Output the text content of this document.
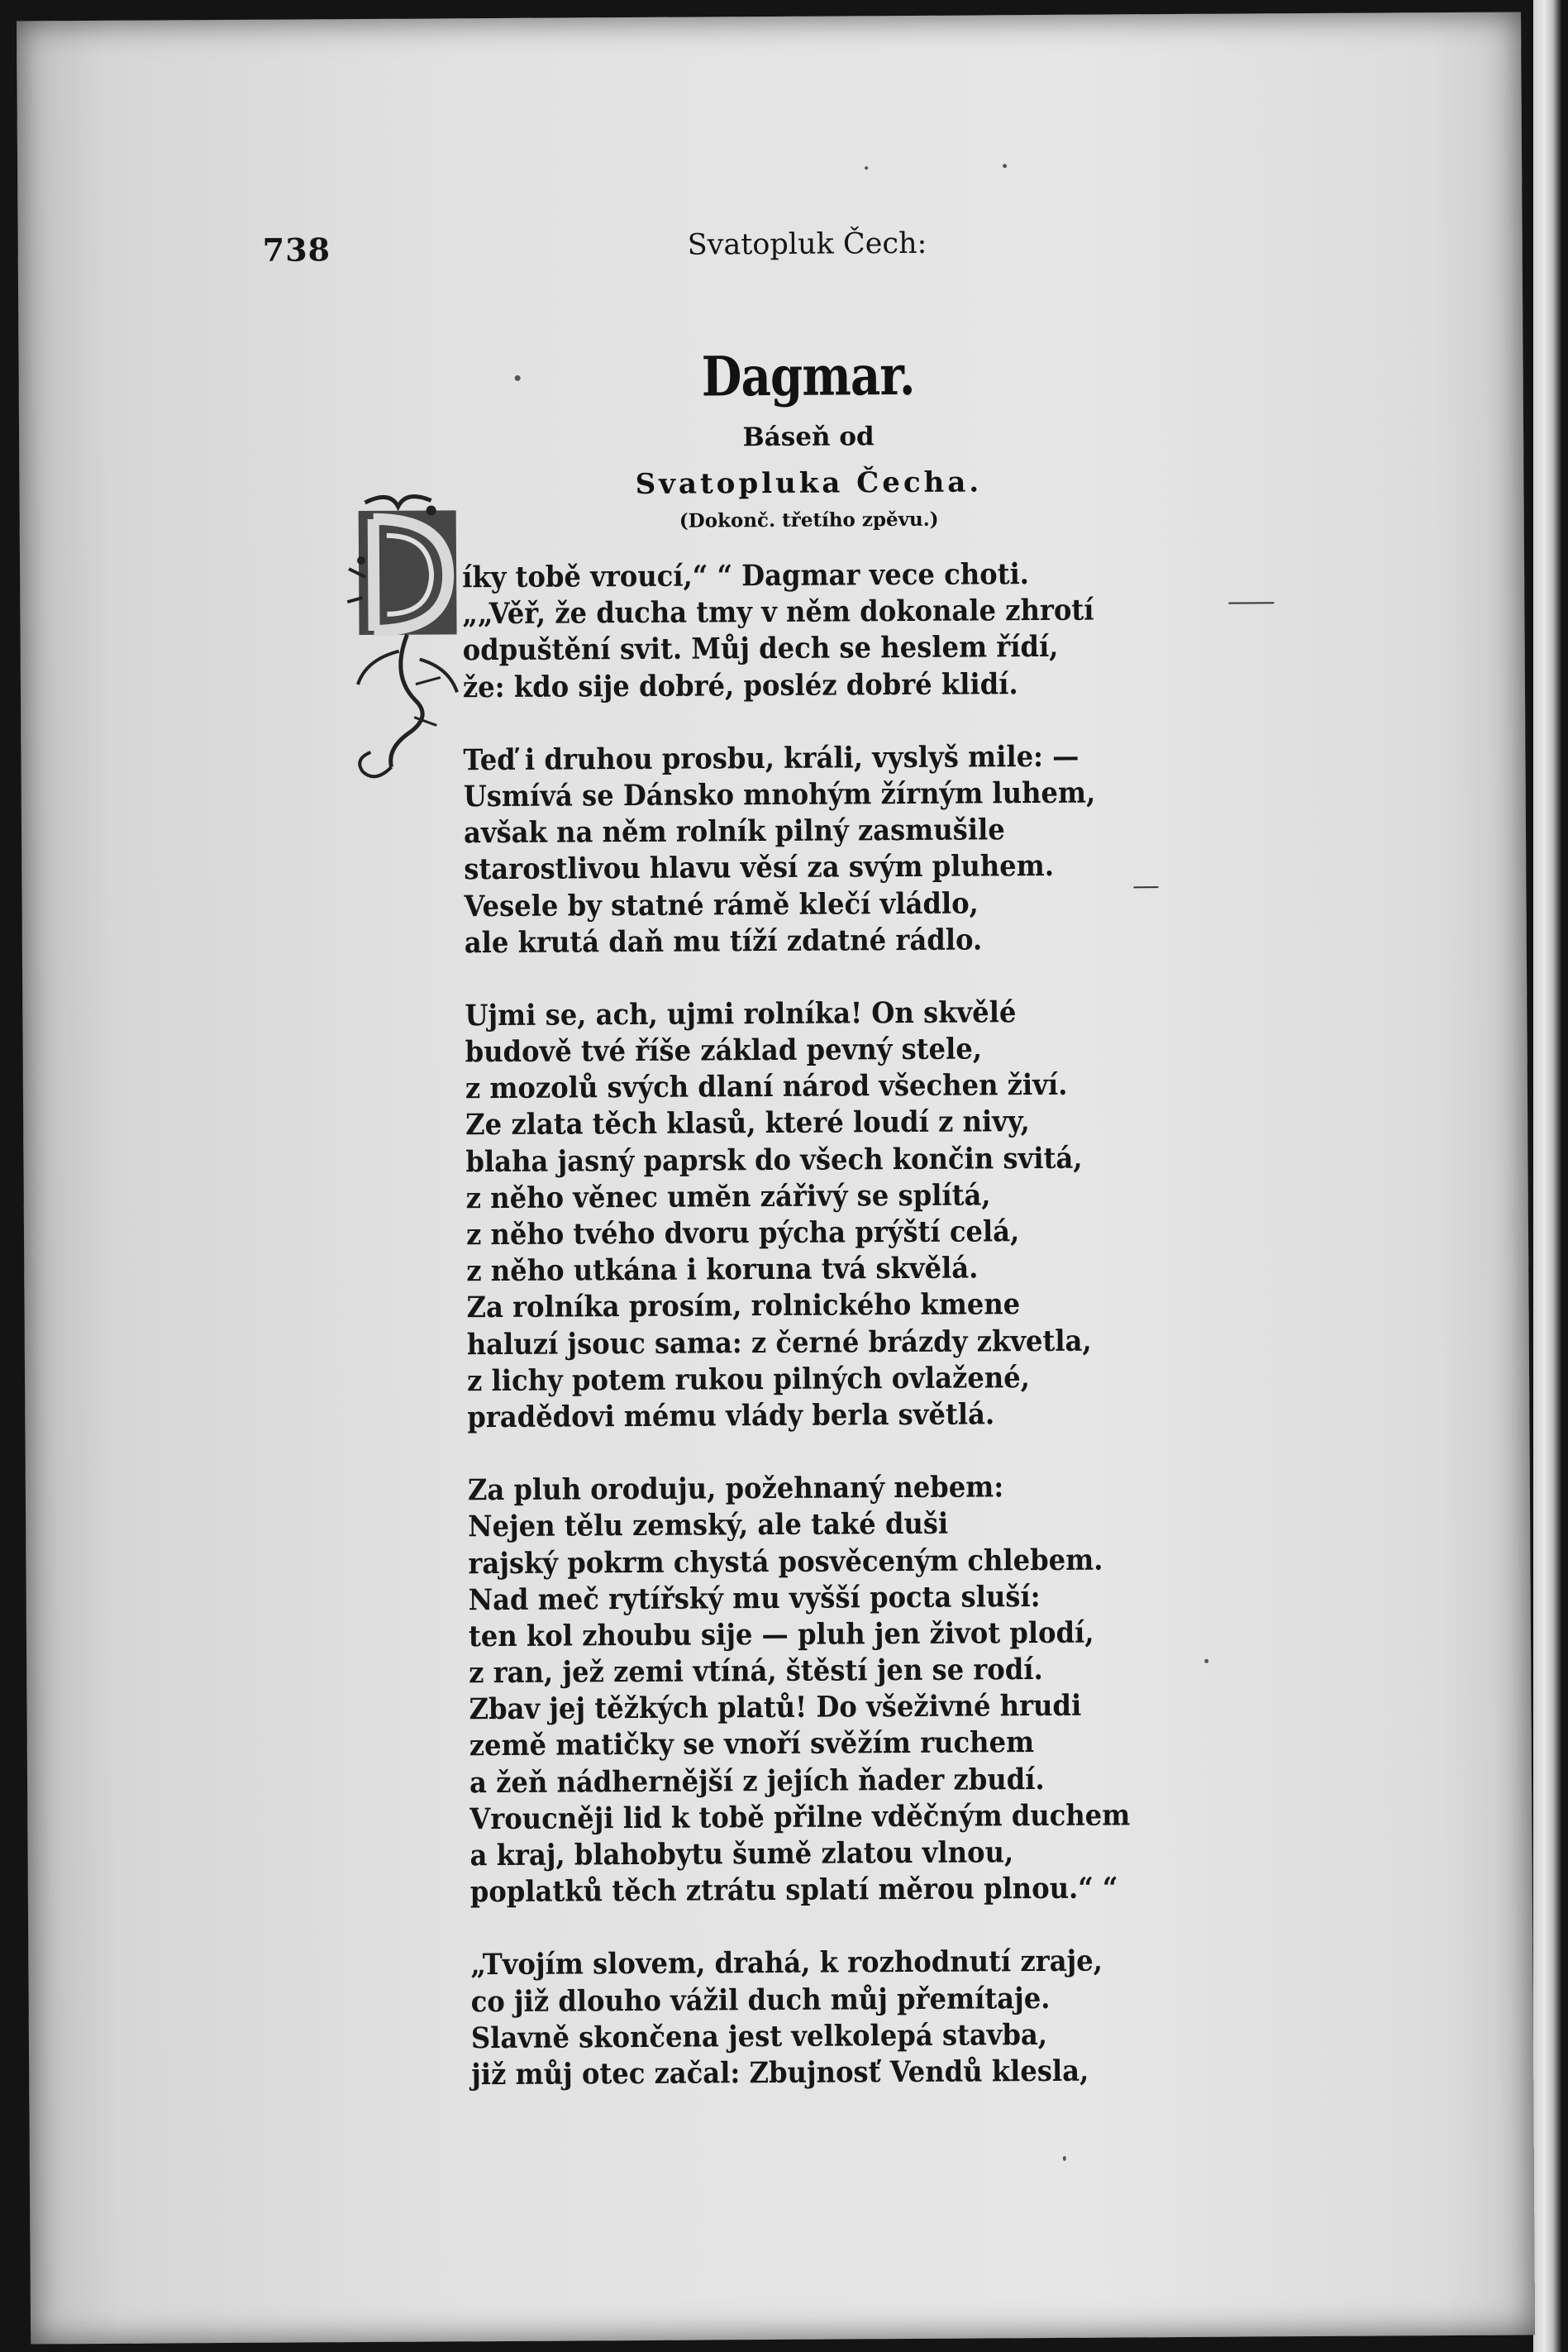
738	Svatopluk Čech:
Dagmar.
Báseň od
Svatopluka Čecha.
(Dokonč. třetího zpěvu.)
íky tobě vroucí,“ “ Dagmar vece choti.
„„Věř, že ducha tmy v něm dokonale zhrotí
odpuštění svit. Můj dech se heslem řídí,
že: kdo sije dobré, posléz dobré klidí.
Teď i druhou prosbu, králi, vyslyš mile: —
Usmívá se Dánsko mnohým žírným luhem,
avšak na něm rolník pilný zasmušile
starostlivou hlavu věsí za svým pluhem.
Vesele by statné rámě klečí vládlo,
ale krutá daň mu tíží zdatné rádlo.
Ujmi se, ach, ujmi rolníka! On skvělé
budově tvé říše základ pevný stele,
z mozolů svých dlaní národ všechen živí.
Ze zlata těch klasů, které loudí z nivy,
blaha jasný paprsk do všech končin svitá,
z něho věnec umĕn zářivý se splítá,
z něho tvého dvoru pýcha prýští celá,
z něho utkána i koruna tvá skvělá.
Za rolníka prosím, rolnického kmene
haluzí jsouc sama: z černé brázdy zkvetla,
z lichy potem rukou pilných ovlažené,
pradědovi mému vlády berla světlá.
Za pluh oroduju, požehnaný nebem:
Nejen tělu zemský, ale také duši
rajský pokrm chystá posvěceným chlebem.
Nad meč rytířský mu vyšší pocta sluší:
ten kol zhoubu sije — pluh jen život plodí,
z ran, jež zemi vtíná, štěstí jen se rodí.
Zbav jej těžkých platů! Do všeživné hrudi
země matičky se vnoří svěžím ruchem
a žeň nádhernější z jejích ňader zbudí.
Vroucněji lid k tobě přilne vděčným duchem
a kraj, blahobytu šumě zlatou vlnou,
poplatků těch ztrátu splatí měrou plnou.“ “
„Tvojím slovem, drahá, k rozhodnutí zraje,
co již dlouho vážil duch můj přemítaje.
Slavně skončena jest velkolepá stavba,
již můj otec začal: Zbujnosť Vendů klesla,
